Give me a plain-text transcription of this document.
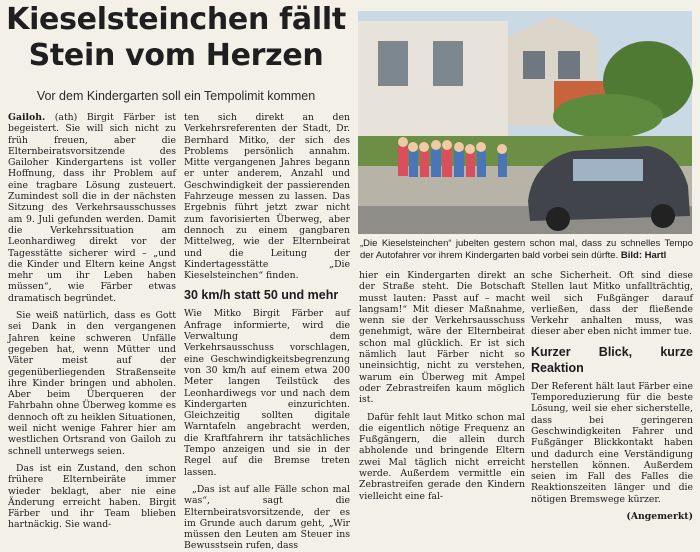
Kieselsteinchen fällt
Stein vom Herzen
Vor dem Kindergarten soll ein Tempolimit kommen

Gailoh. (ath) Birgit Färber ist begeistert. Sie will sich nicht zu früh freuen, aber die Elternbeiratsvorsitzende des Gailoher Kindergartens ist voller Hoffnung, dass ihr Problem auf eine tragbare Lösung zusteuert. Zumindest soll die in der nächsten Sitzung des Verkehrsausschusses am 9. Juli gefunden werden. Damit die Verkehrssituation am Leonhardiweg direkt vor der Tagesstätte sicherer wird – „und die Kinder und Eltern keine Angst mehr um ihr Leben haben müssen“, wie Färber etwas dramatisch begründet.

Sie weiß natürlich, dass es Gott sei Dank in den vergangenen Jahren keine schweren Unfälle gegeben hat, wenn Mütter und Väter meist auf der gegenüberliegenden Straßenseite ihre Kinder bringen und abholen. Aber beim Überqueren der Fahrbahn ohne Überweg komme es dennoch oft zu heiklen Situationen, weil nicht wenige Fahrer hier am westlichen Ortsrand von Gailoh zu schnell unterwegs seien.

Das ist ein Zustand, den schon frühere Elternbeiräte immer wieder beklagt, aber nie eine Änderung erreicht haben. Birgit Färber und ihr Team blieben hartnäckig. Sie wand-

ten sich direkt an den Verkehrsreferenten der Stadt, Dr. Bernhard Mitko, der sich des Problems persönlich annahm. Mitte vergangenen Jahres begann er unter anderem, Anzahl und Geschwindigkeit der passierenden Fahrzeuge messen zu lassen. Das Ergebnis führt jetzt zwar nicht zum favorisierten Überweg, aber dennoch zu einem gangbaren Mittelweg, wie der Elternbeirat und die Leitung der Kindertagesstätte „Die Kieselsteinchen“ finden.

30 km/h statt 50 und mehr

Wie Mitko Birgit Färber auf Anfrage informierte, wird die Verwaltung dem Verkehrsausschuss vorschlagen, eine Geschwindigkeitsbegrenzung von 30 km/h auf einem etwa 200 Meter langen Teilstück des Leonhardiwegs vor und nach dem Kindergarten einzurichten. Gleichzeitig sollten digitale Warntafeln angebracht werden, die Kraftfahrern ihr tatsächliches Tempo anzeigen und sie in der Regel auf die Bremse treten lassen.

„Das ist auf alle Fälle schon mal was“, sagt die Elternbeiratsvorsitzende, der es im Grunde auch darum geht, „Wir müssen den Leuten am Steuer ins Bewusstsein rufen, dass

„Die Kieselsteinchen“ jubelten gestern schon mal, dass zu schnelles Tempo der Autofahrer vor ihrem Kindergarten bald vorbei sein dürfte. Bild: Hartl

hier ein Kindergarten direkt an der Straße steht. Die Botschaft musst lauten: Passt auf – macht langsam!“ Mit dieser Maßnahme, wenn sie der Verkehrsausschuss genehmigt, wäre der Elternbeirat schon mal glücklich. Er ist sich nämlich laut Färber nicht so uneinsichtig, nicht zu verstehen, warum ein Überweg mit Ampel oder Zebrastreifen kaum möglich ist.

Dafür fehlt laut Mitko schon mal die eigentlich nötige Frequenz an Fußgängern, die allein durch abholende und bringende Eltern zwei Mal täglich nicht erreicht werde. Außerdem vermittle ein Zebrastreifen gerade den Kindern vielleicht eine fal-

sche Sicherheit. Oft sind diese Stellen laut Mitko unfallträchtig, weil sich Fußgänger darauf verließen, dass der fließende Verkehr anhalten muss, was dieser aber eben nicht immer tue.

Kurzer Blick, kurze Reaktion

Der Referent hält laut Färber eine Temporeduzierung für die beste Lösung, weil sie eher sicherstelle, dass bei geringeren Geschwindigkeiten Fahrer und Fußgänger Blickkontakt haben und dadurch eine Verständigung herstellen können. Außerdem seien im Fall des Falles die Reaktionszeiten länger und die nötigen Bremswege kürzer.

(Angemerkt)
